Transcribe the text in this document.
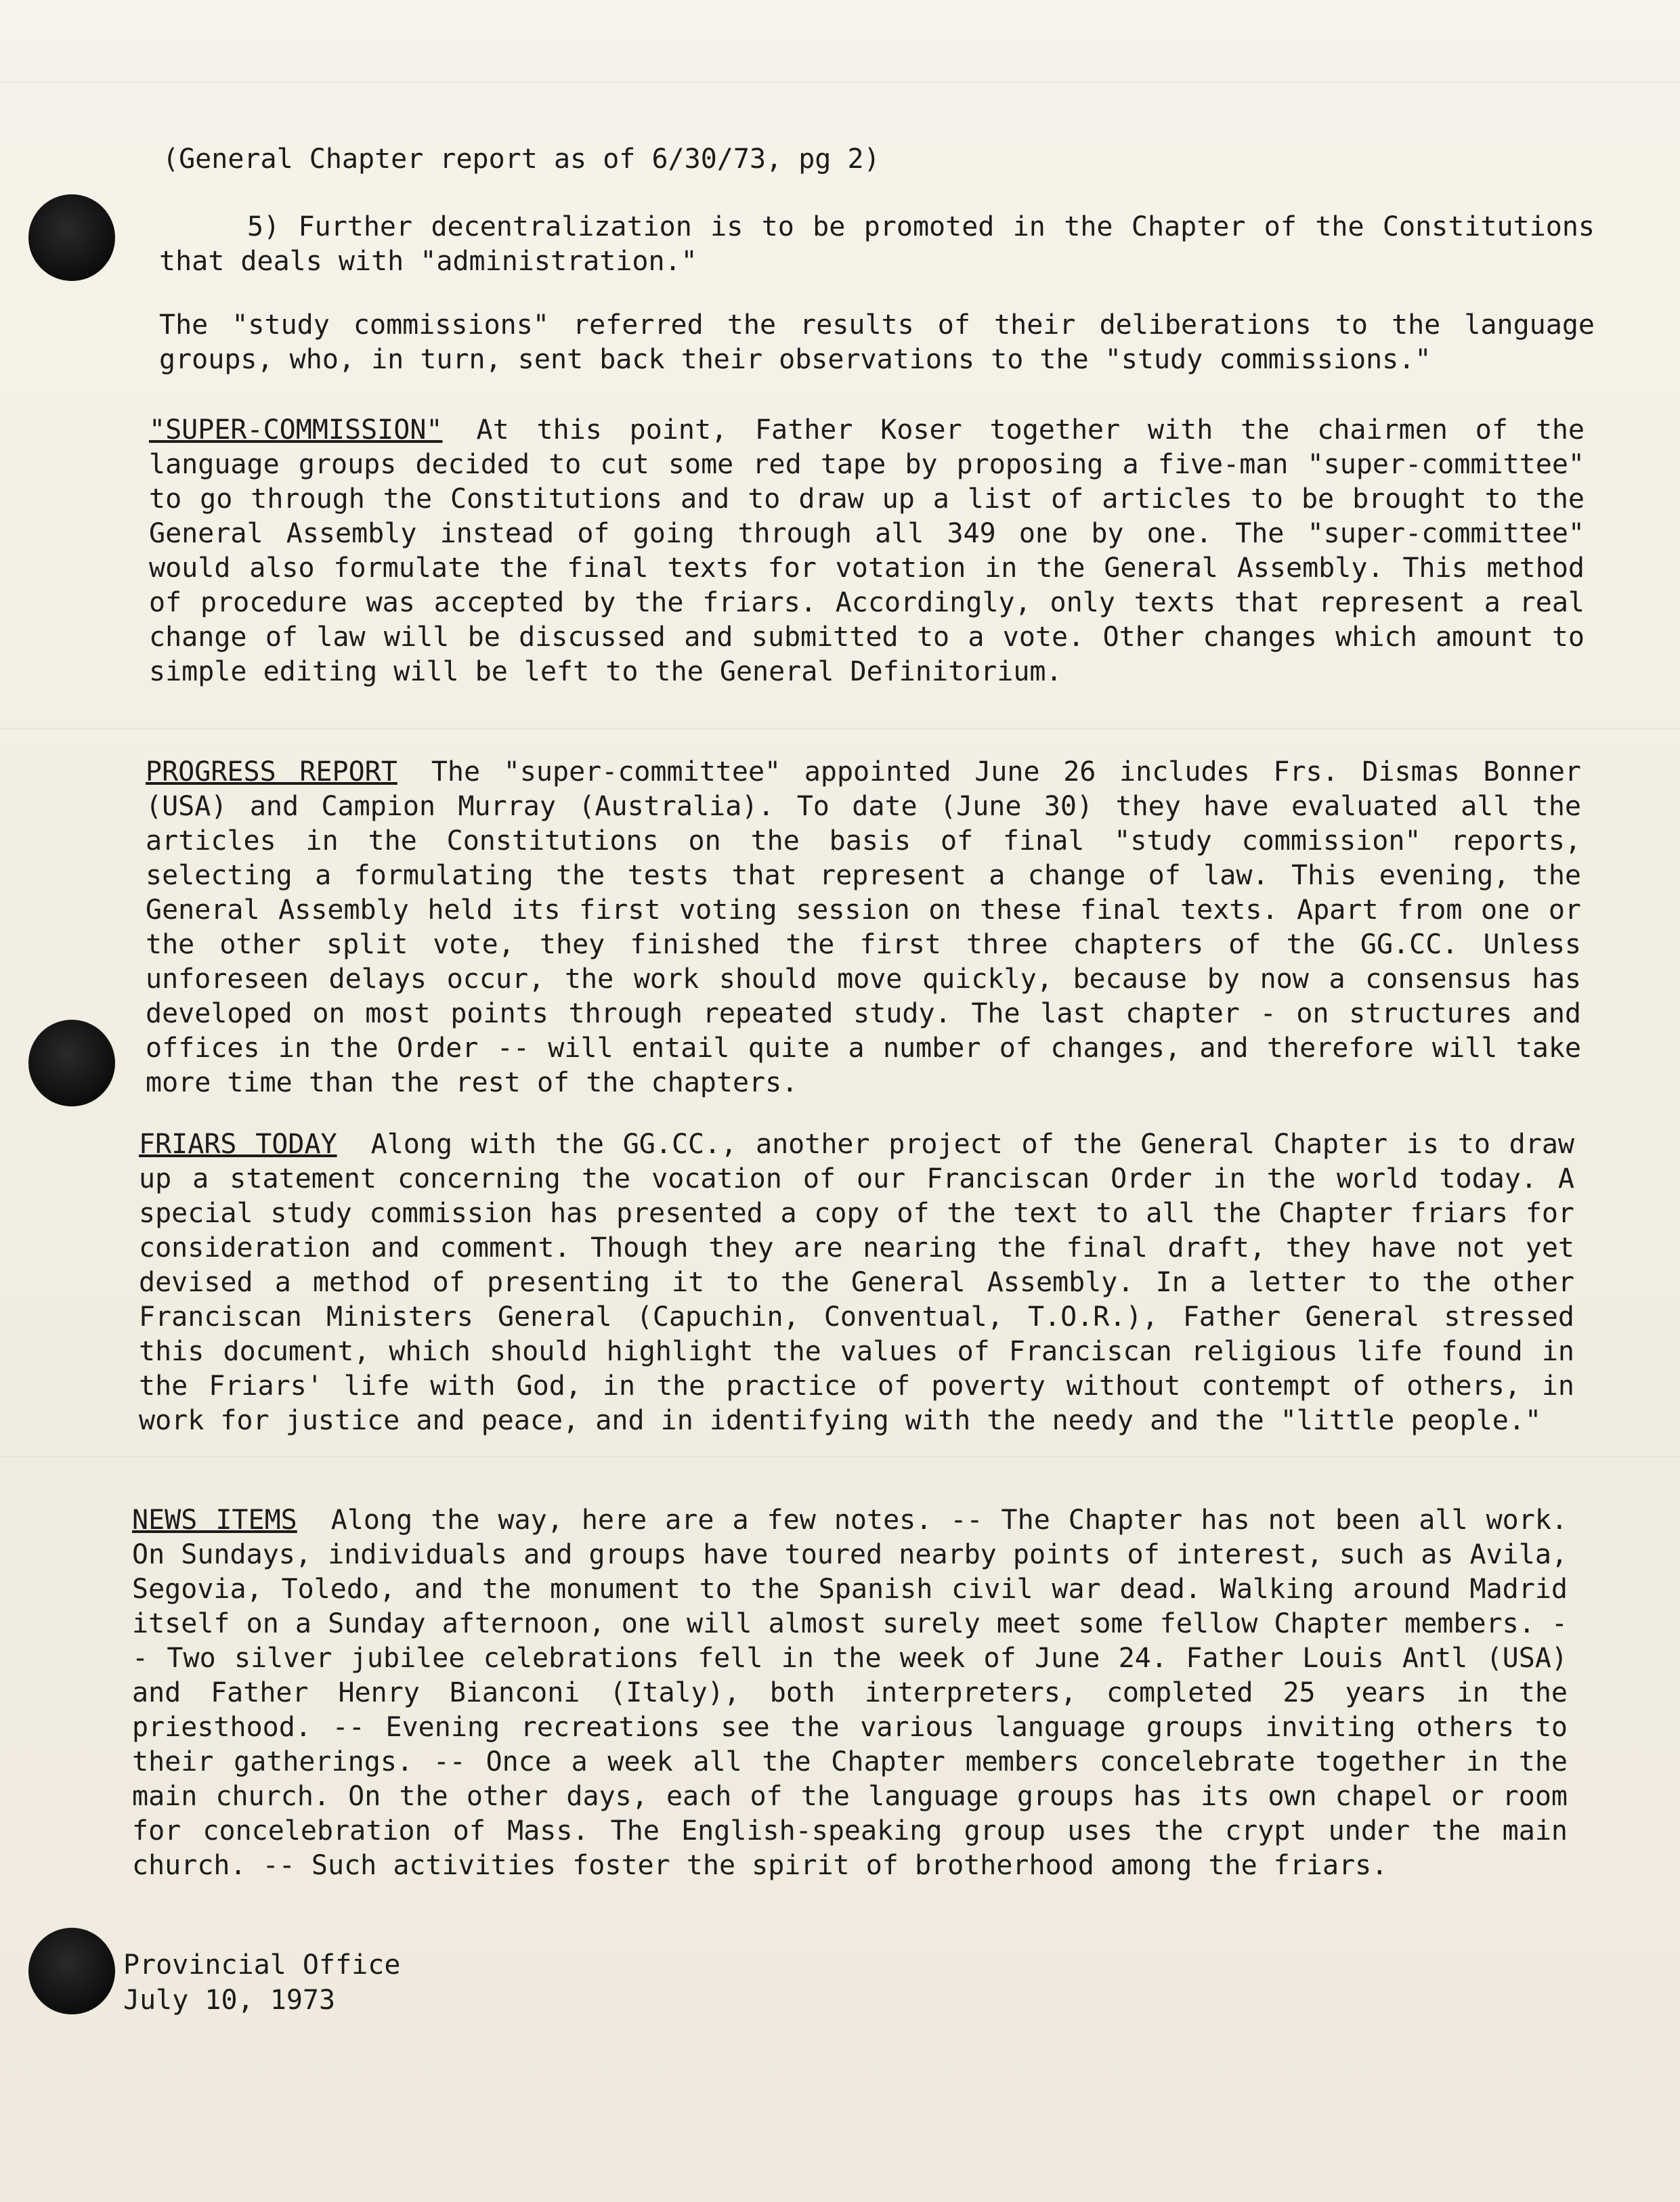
(General Chapter report as of 6/30/73, pg 2)
5) Further decentralization is to be promoted in the Chapter of the Constitutions that deals with "administration."
The "study commissions" referred the results of their deliberations to the language groups, who, in turn, sent back their observations to the "study commissions."
"SUPER-COMMISSION" At this point, Father Koser together with the chairmen of the language groups decided to cut some red tape by proposing a five-man "super-committee" to go through the Constitutions and to draw up a list of articles to be brought to the General Assembly instead of going through all 349 one by one. The "super-committee" would also formulate the final texts for votation in the General Assembly. This method of procedure was accepted by the friars. Accordingly, only texts that represent a real change of law will be discussed and submitted to a vote. Other changes which amount to simple editing will be left to the General Definitorium.
PROGRESS REPORT The "super-committee" appointed June 26 includes Frs. Dismas Bonner (USA) and Campion Murray (Australia). To date (June 30) they have evaluated all the articles in the Constitutions on the basis of final "study commission" reports, selecting a formulating the tests that represent a change of law. This evening, the General Assembly held its first voting session on these final texts. Apart from one or the other split vote, they finished the first three chapters of the GG.CC. Unless unforeseen delays occur, the work should move quickly, because by now a consensus has developed on most points through repeated study. The last chapter - on structures and offices in the Order -- will entail quite a number of changes, and therefore will take more time than the rest of the chapters.
FRIARS TODAY Along with the GG.CC., another project of the General Chapter is to draw up a statement concerning the vocation of our Franciscan Order in the world today. A special study commission has presented a copy of the text to all the Chapter friars for consideration and comment. Though they are nearing the final draft, they have not yet devised a method of presenting it to the General Assembly. In a letter to the other Franciscan Ministers General (Capuchin, Conventual, T.O.R.), Father General stressed this document, which should highlight the values of Franciscan religious life found in the Friars' life with God, in the practice of poverty without contempt of others, in work for justice and peace, and in identifying with the needy and the "little people."
NEWS ITEMS Along the way, here are a few notes. -- The Chapter has not been all work. On Sundays, individuals and groups have toured nearby points of interest, such as Avila, Segovia, Toledo, and the monument to the Spanish civil war dead. Walking around Madrid itself on a Sunday afternoon, one will almost surely meet some fellow Chapter members. -- Two silver jubilee celebrations fell in the week of June 24. Father Louis Antl (USA) and Father Henry Bianconi (Italy), both interpreters, completed 25 years in the priesthood. -- Evening recreations see the various language groups inviting others to their gatherings. -- Once a week all the Chapter members concelebrate together in the main church. On the other days, each of the language groups has its own chapel or room for concelebration of Mass. The English-speaking group uses the crypt under the main church. -- Such activities foster the spirit of brotherhood among the friars.
Provincial Office
July 10, 1973
